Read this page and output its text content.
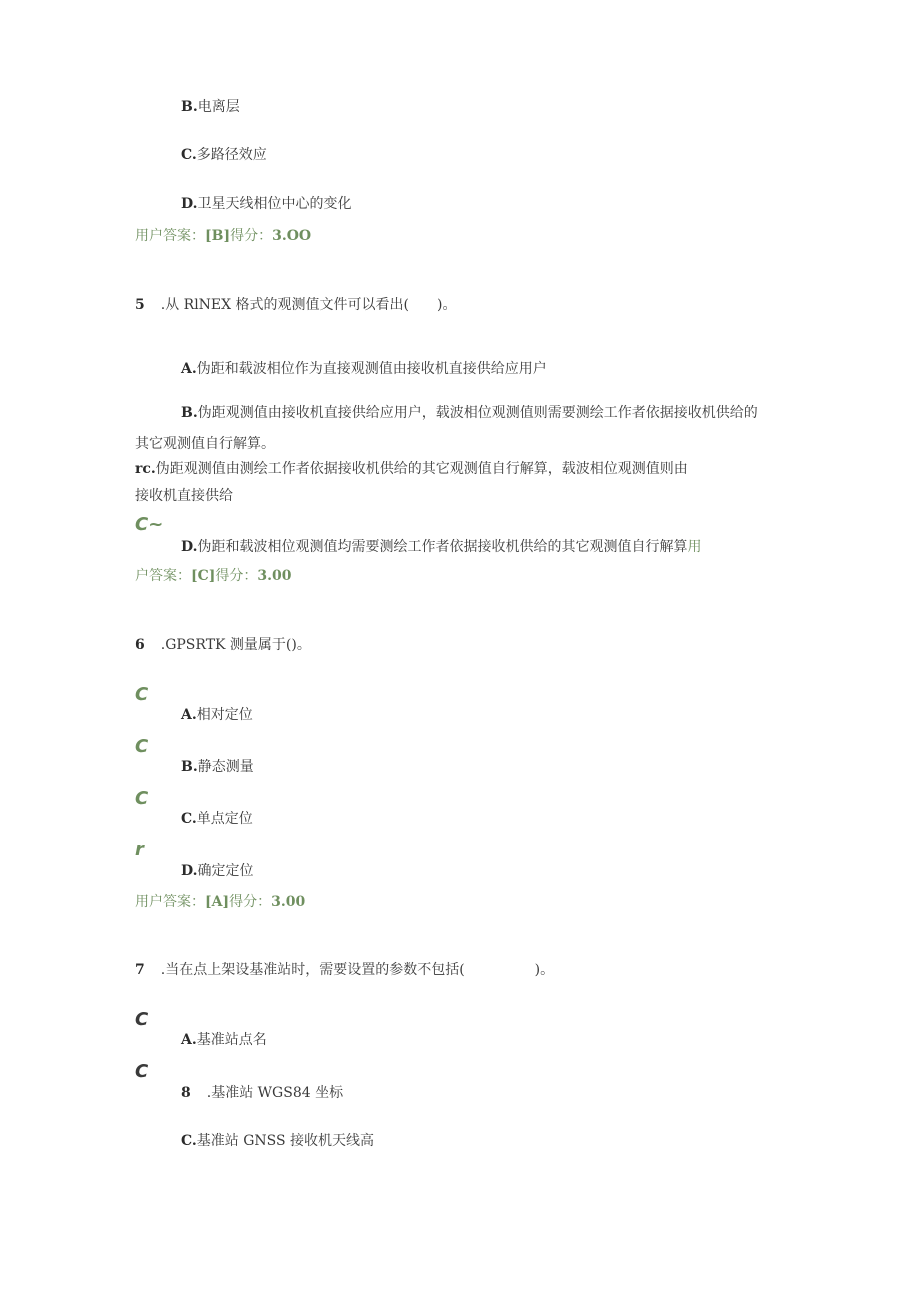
B.电离层
C.多路径效应
D.卫星天线相位中心的变化
用户答案：[B]得分：3.OO
5 .从 RlNEX 格式的观测值文件可以看出(　　)。
A.伪距和载波相位作为直接观测值由接收机直接供给应用户
B.伪距观测值由接收机直接供给应用户，载波相位观测值则需要测绘工作者依据接收机供给的
其它观测值自行解算。
rc.伪距观测值由测绘工作者依据接收机供给的其它观测值自行解算，载波相位观测值则由
接收机直接供给
C~
D.伪距和载波相位观测值均需要测绘工作者依据接收机供给的其它观测值自行解算用
户答案：[C]得分：3.00
6 .GPSRTK 测量属于()。
C
A.相对定位
C
B.静态测量
C
C.单点定位
r
D.确定定位
用户答案：[A]得分：3.00
7 .当在点上架设基准站时，需要设置的参数不包括(　　　　　)。
C
A.基准站点名
C
8 .基准站 WGS84 坐标
C.基准站 GNSS 接收机天线高
